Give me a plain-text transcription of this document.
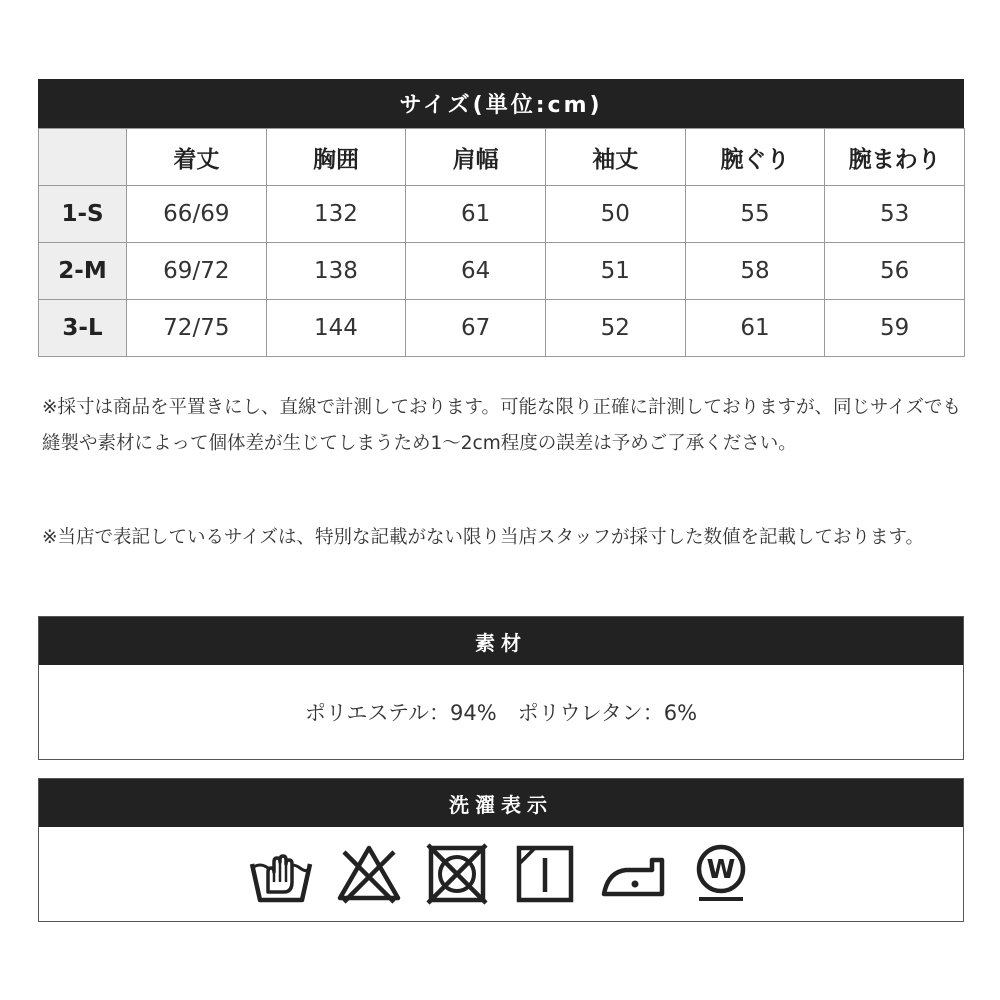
サイズ(単位:cm)
	着丈	胸囲	肩幅	袖丈	腕ぐり	腕まわり
1-S	66/69	132	61	50	55	53
2-M	69/72	138	64	51	58	56
3-L	72/75	144	67	52	61	59

※採寸は商品を平置きにし、直線で計測しております。可能な限り正確に計測しておりますが、同じサイズでも縫製や素材によって個体差が生じてしまうため1～2cm程度の誤差は予めご了承ください。

※当店で表記しているサイズは、特別な記載がない限り当店スタッフが採寸した数値を記載しております。

素材
ポリエステル：94%　ポリウレタン：6%
洗濯表示
W
